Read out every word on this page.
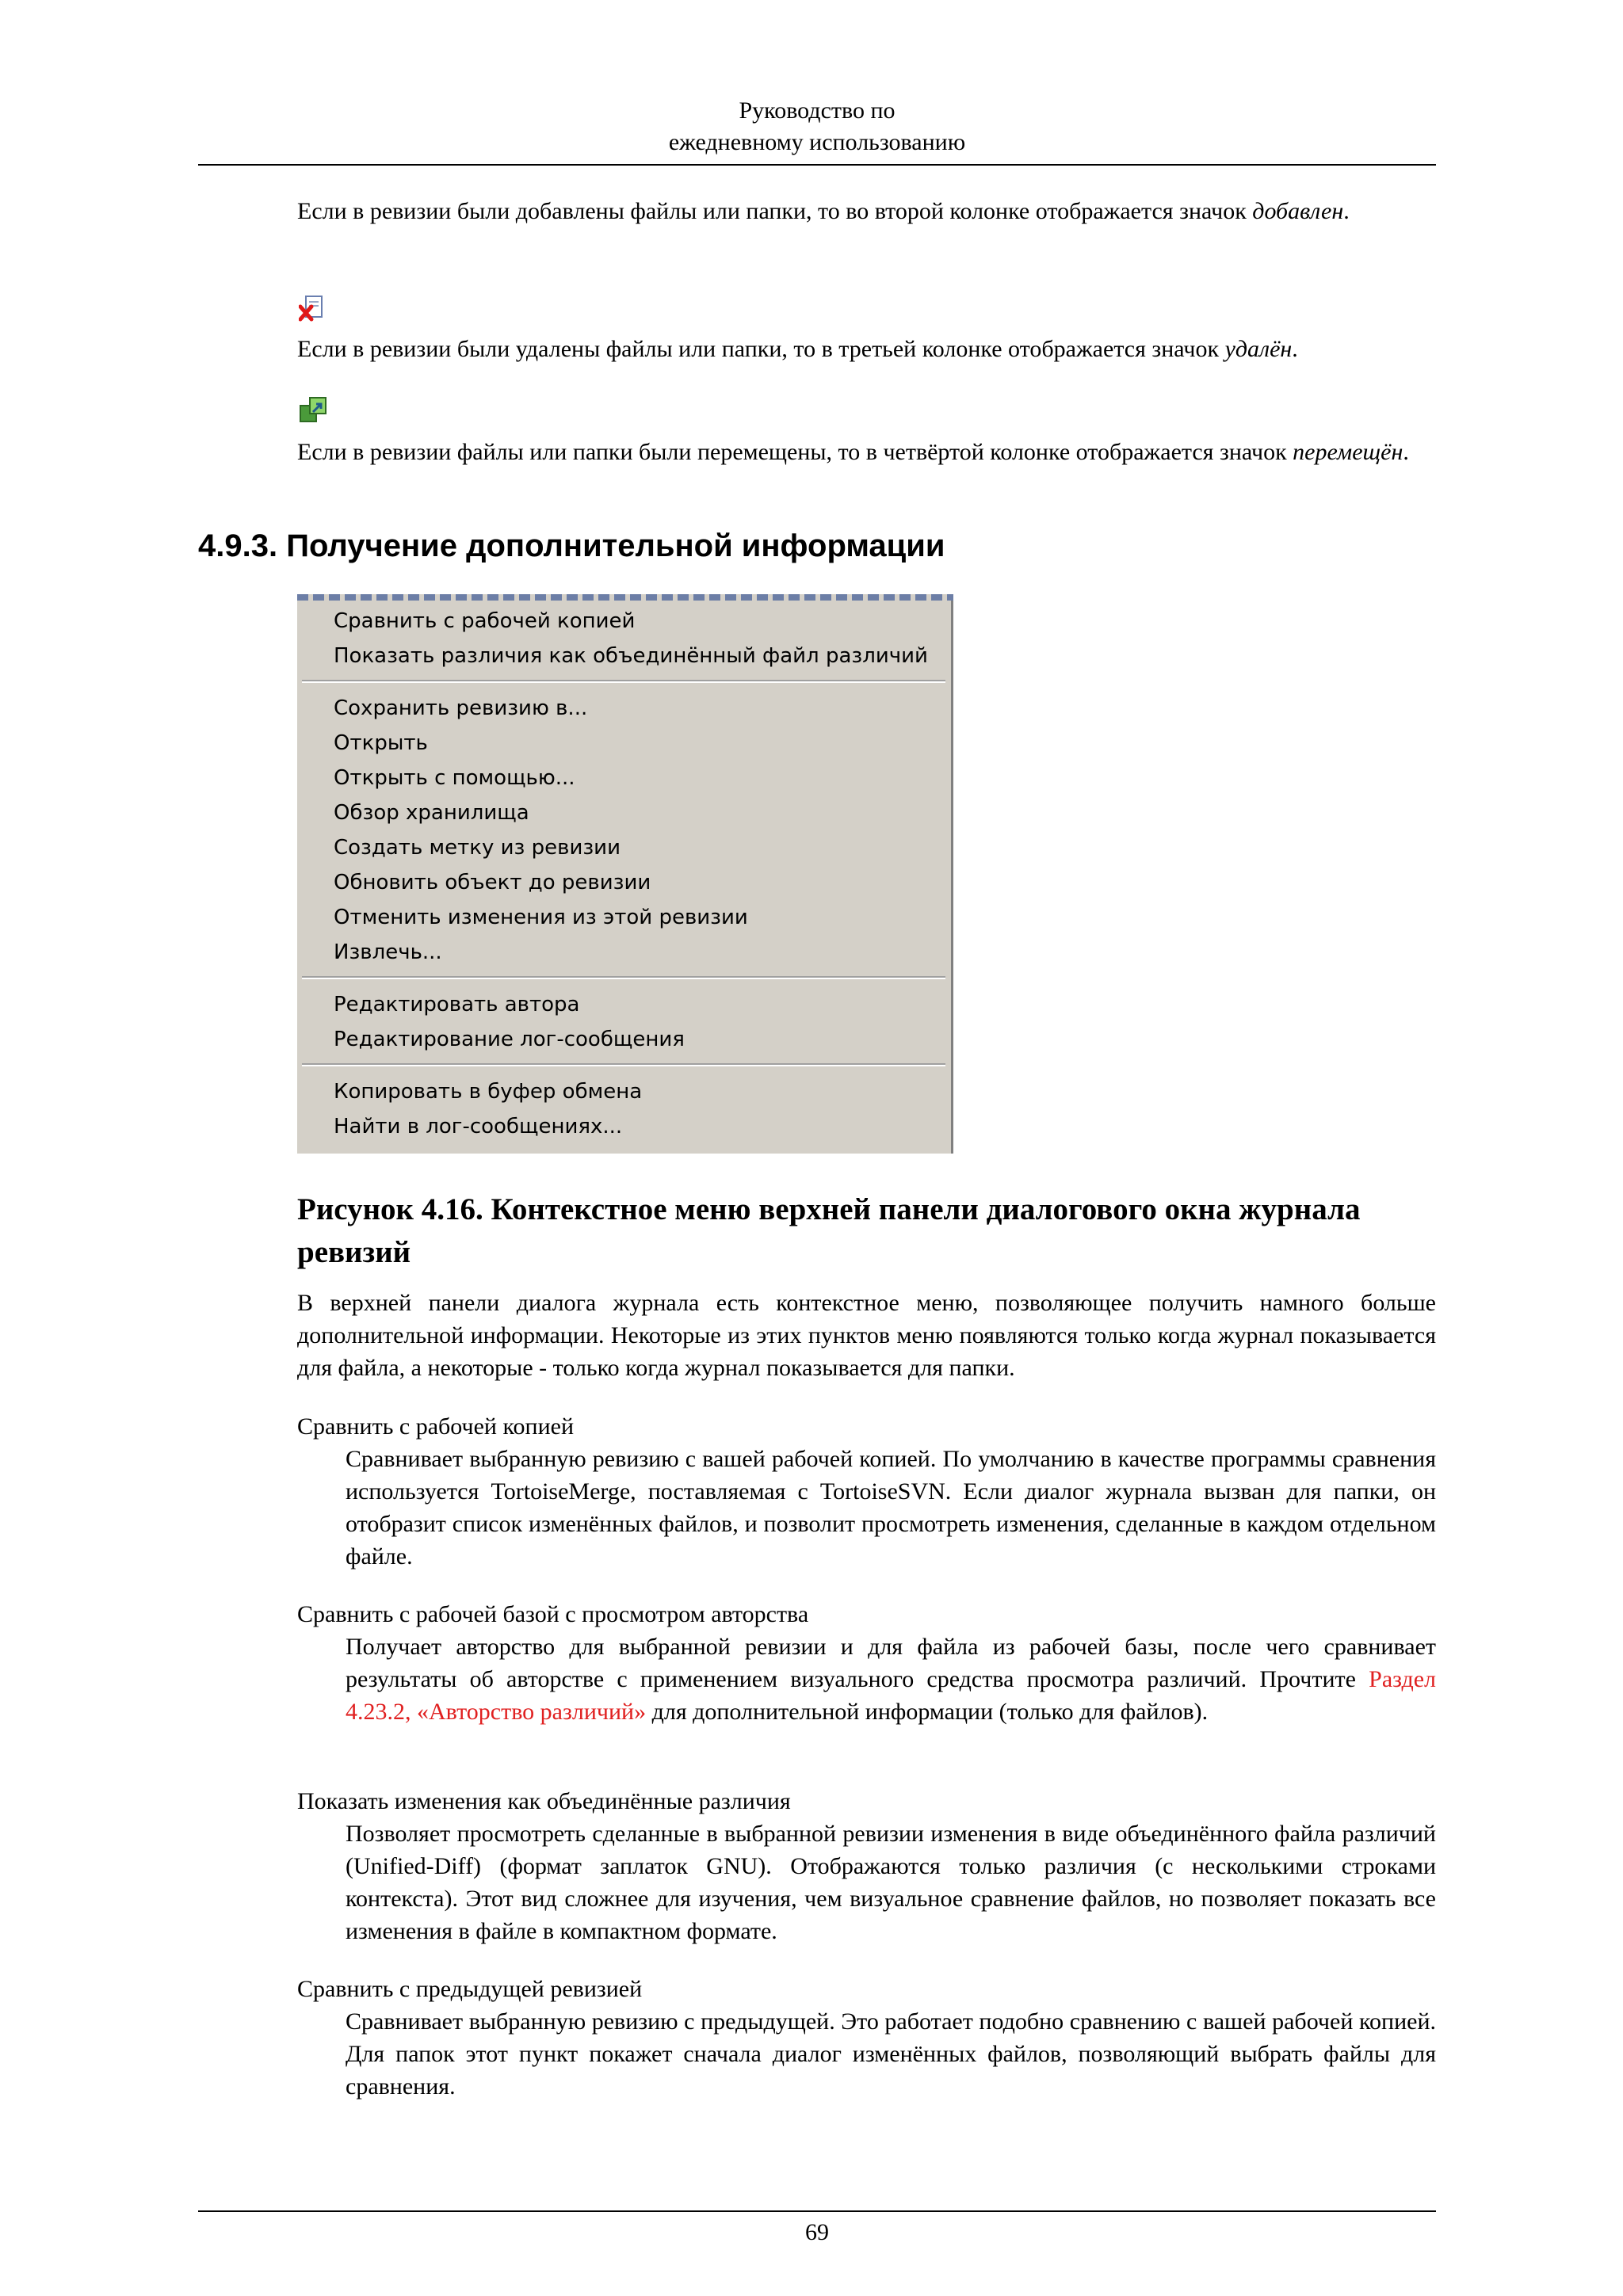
Руководство по
ежедневному использованию

Если в ревизии были добавлены файлы или папки, то во второй колонке отображается значок добавлен.

Если в ревизии были удалены файлы или папки, то в третьей колонке отображается значок удалён.

Если в ревизии файлы или папки были перемещены, то в четвёртой колонке отображается значок перемещён.

4.9.3. Получение дополнительной информации
Сравнить с рабочей копией
Показать различия как объединённый файл различий
Сохранить ревизию в...
Открыть
Открыть с помощью...
Обзор хранилища
Создать метку из ревизии
Обновить объект до ревизии
Отменить изменения из этой ревизии
Извлечь...
Редактировать автора
Редактирование лог-сообщения
Копировать в буфер обмена
Найти в лог-сообщениях...

Рисунок 4.16. Контекстное меню верхней панели диалогового окна журнала ревизий

В верхней панели диалога журнала есть контекстное меню, позволяющее получить намного больше дополнительной информации. Некоторые из этих пунктов меню появляются только когда журнал показывается для файла, а некоторые - только когда журнал показывается для папки.

Сравнить с рабочей копией

Сравнивает выбранную ревизию с вашей рабочей копией. По умолчанию в качестве программы сравнения используется TortoiseMerge, поставляемая с TortoiseSVN. Если диалог журнала вызван для папки, он отобразит список изменённых файлов, и позволит просмотреть изменения, сделанные в каждом отдельном файле.

Сравнить с рабочей базой с просмотром авторства

Получает авторство для выбранной ревизии и для файла из рабочей базы, после чего сравнивает результаты об авторстве с применением визуального средства просмотра различий. Прочтите Раздел 4.23.2, «Авторство различий» для дополнительной информации (только для файлов).

Показать изменения как объединённые различия

Позволяет просмотреть сделанные в выбранной ревизии изменения в виде объединённого файла различий (Unified-Diff) (формат заплаток GNU). Отображаются только различия (с несколькими строками контекста). Этот вид сложнее для изучения, чем визуальное сравнение файлов, но позволяет показать все изменения в файле в компактном формате.

Сравнить с предыдущей ревизией

Сравнивает выбранную ревизию с предыдущей. Это работает подобно сравнению с вашей рабочей копией. Для папок этот пункт покажет сначала диалог изменённых файлов, позволяющий выбрать файлы для сравнения.

69
